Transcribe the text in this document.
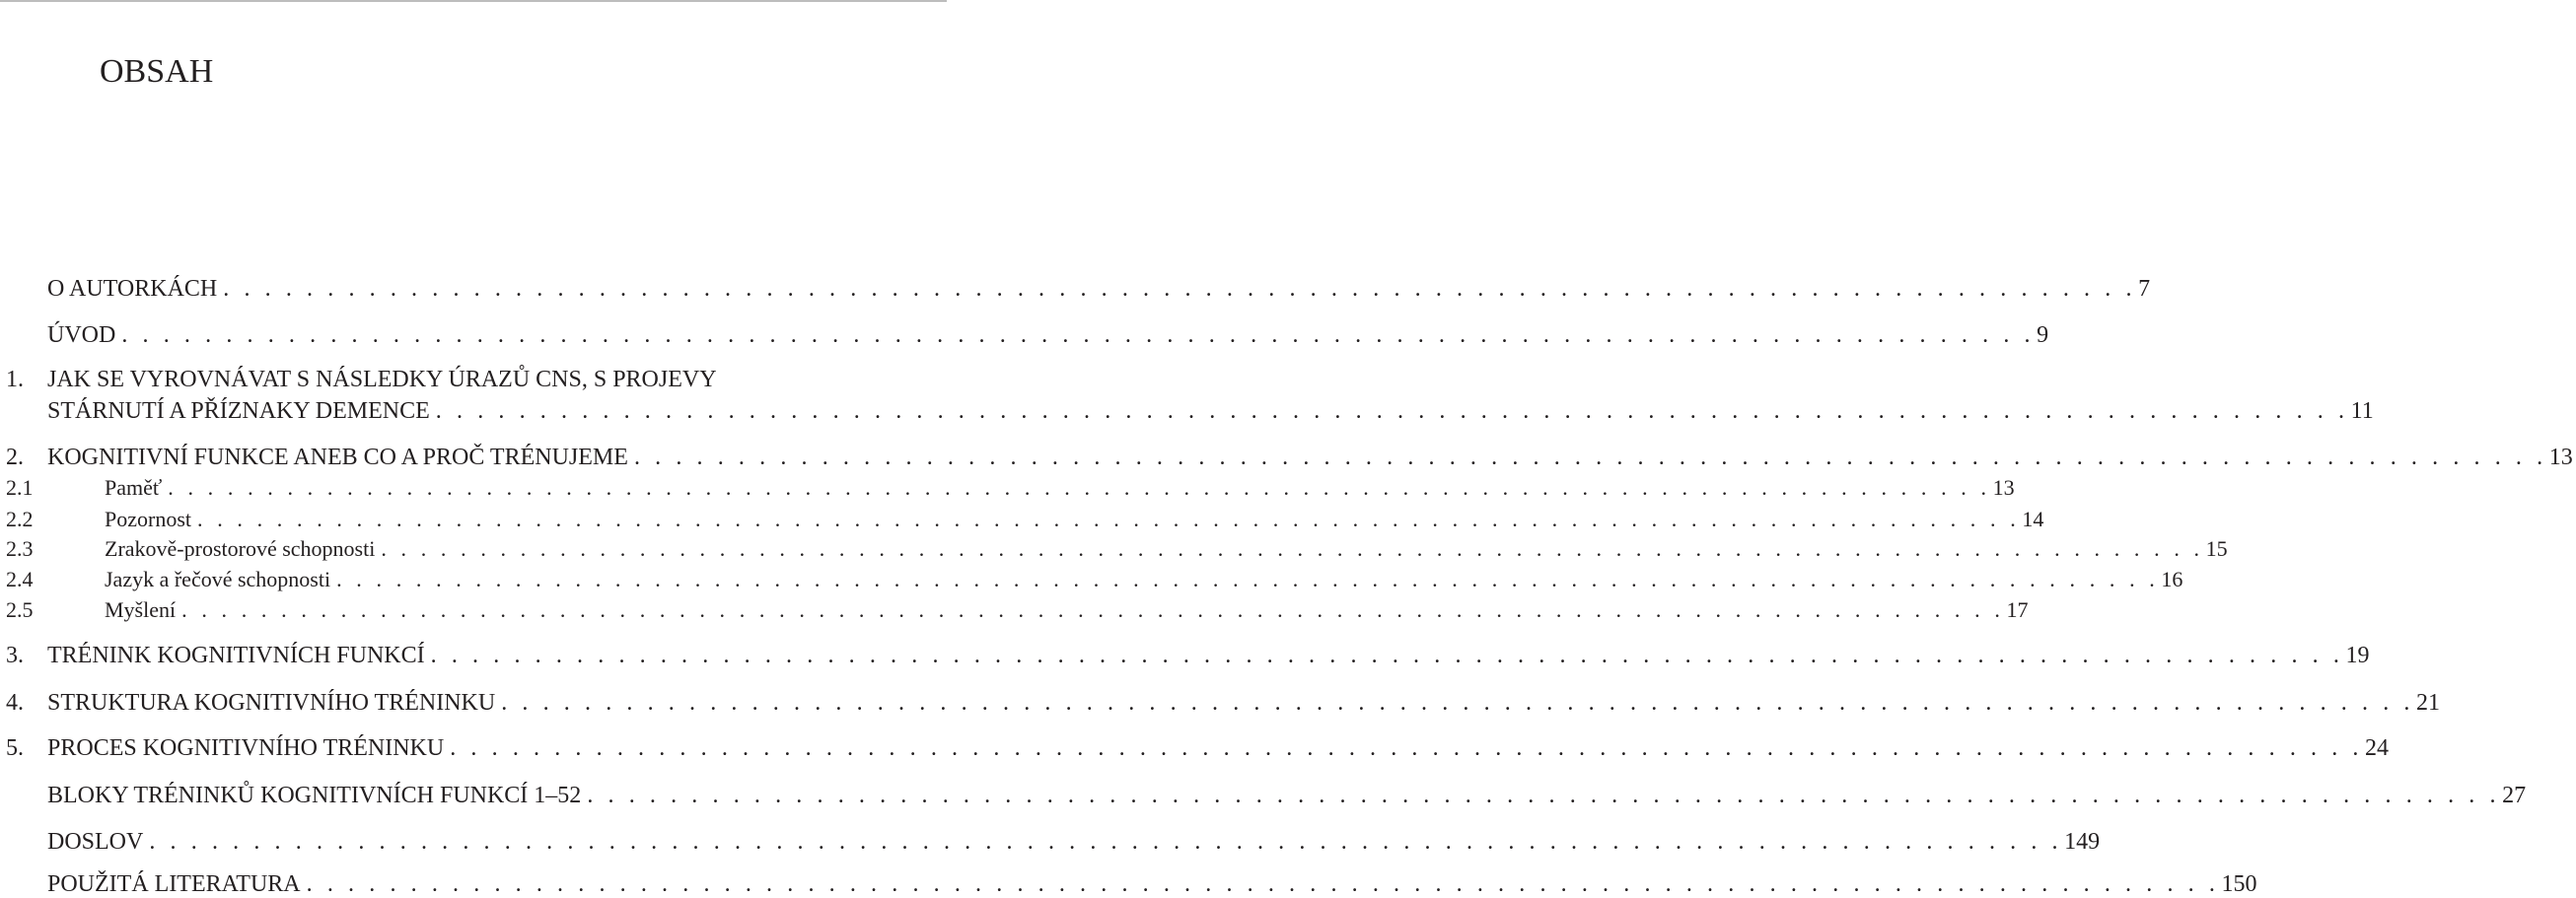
OBSAH
O AUTORKÁCH . . . . . . . . . . . . . . . . . . . . . . . . . . . . . . . . . . . . . . . . . . . . . . . . . . . . . . . . . . . . . . . . . . . . . . . . . . . . . . . . . . . . . . . . . . . . 7
ÚVOD . . . . . . . . . . . . . . . . . . . . . . . . . . . . . . . . . . . . . . . . . . . . . . . . . . . . . . . . . . . . . . . . . . . . . . . . . . . . . . . . . . . . . . . . . . . . 9
1. JAK SE VYROVNÁVAT S NÁSLEDKY ÚRAZŮ CNS, S PROJEVY
STÁRNUTÍ A PŘÍZNAKY DEMENCE . . . . . . . . . . . . . . . . . . . . . . . . . . . . . . . . . . . . . . . . . . . . . . . . . . . . . . . . . . . . . . . . . . . . . . . . . . . . . . . . . . . . . . . . . . . . 11
2. KOGNITIVNÍ FUNKCE ANEB CO A PROČ TRÉNUJEME . . . . . . . . . . . . . . . . . . . . . . . . . . . . . . . . . . . . . . . . . . . . . . . . . . . . . . . . . . . . . . . . . . . . . . . . . . . . . . . . . . . . . . . . . . . . 13
2.1	Paměť . . . . . . . . . . . . . . . . . . . . . . . . . . . . . . . . . . . . . . . . . . . . . . . . . . . . . . . . . . . . . . . . . . . . . . . . . . . . . . . . . . . . . . . . . . . . 13
2.2	Pozornost . . . . . . . . . . . . . . . . . . . . . . . . . . . . . . . . . . . . . . . . . . . . . . . . . . . . . . . . . . . . . . . . . . . . . . . . . . . . . . . . . . . . . . . . . . . . 14
2.3	Zrakově-prostorové schopnosti . . . . . . . . . . . . . . . . . . . . . . . . . . . . . . . . . . . . . . . . . . . . . . . . . . . . . . . . . . . . . . . . . . . . . . . . . . . . . . . . . . . . . . . . . . . . 15
2.4	Jazyk a řečové schopnosti . . . . . . . . . . . . . . . . . . . . . . . . . . . . . . . . . . . . . . . . . . . . . . . . . . . . . . . . . . . . . . . . . . . . . . . . . . . . . . . . . . . . . . . . . . . . 16
2.5	Myšlení . . . . . . . . . . . . . . . . . . . . . . . . . . . . . . . . . . . . . . . . . . . . . . . . . . . . . . . . . . . . . . . . . . . . . . . . . . . . . . . . . . . . . . . . . . . . 17
3. TRÉNINK KOGNITIVNÍCH FUNKCÍ . . . . . . . . . . . . . . . . . . . . . . . . . . . . . . . . . . . . . . . . . . . . . . . . . . . . . . . . . . . . . . . . . . . . . . . . . . . . . . . . . . . . . . . . . . . . 19
4. STRUKTURA KOGNITIVNÍHO TRÉNINKU . . . . . . . . . . . . . . . . . . . . . . . . . . . . . . . . . . . . . . . . . . . . . . . . . . . . . . . . . . . . . . . . . . . . . . . . . . . . . . . . . . . . . . . . . . . . 21
5. PROCES KOGNITIVNÍHO TRÉNINKU . . . . . . . . . . . . . . . . . . . . . . . . . . . . . . . . . . . . . . . . . . . . . . . . . . . . . . . . . . . . . . . . . . . . . . . . . . . . . . . . . . . . . . . . . . . . 24
BLOKY TRÉNINKŮ KOGNITIVNÍCH FUNKCÍ 1–52 . . . . . . . . . . . . . . . . . . . . . . . . . . . . . . . . . . . . . . . . . . . . . . . . . . . . . . . . . . . . . . . . . . . . . . . . . . . . . . . . . . . . . . . . . . . . 27
DOSLOV . . . . . . . . . . . . . . . . . . . . . . . . . . . . . . . . . . . . . . . . . . . . . . . . . . . . . . . . . . . . . . . . . . . . . . . . . . . . . . . . . . . . . . . . . . . . 149
POUŽITÁ LITERATURA . . . . . . . . . . . . . . . . . . . . . . . . . . . . . . . . . . . . . . . . . . . . . . . . . . . . . . . . . . . . . . . . . . . . . . . . . . . . . . . . . . . . . . . . . . . . 150
